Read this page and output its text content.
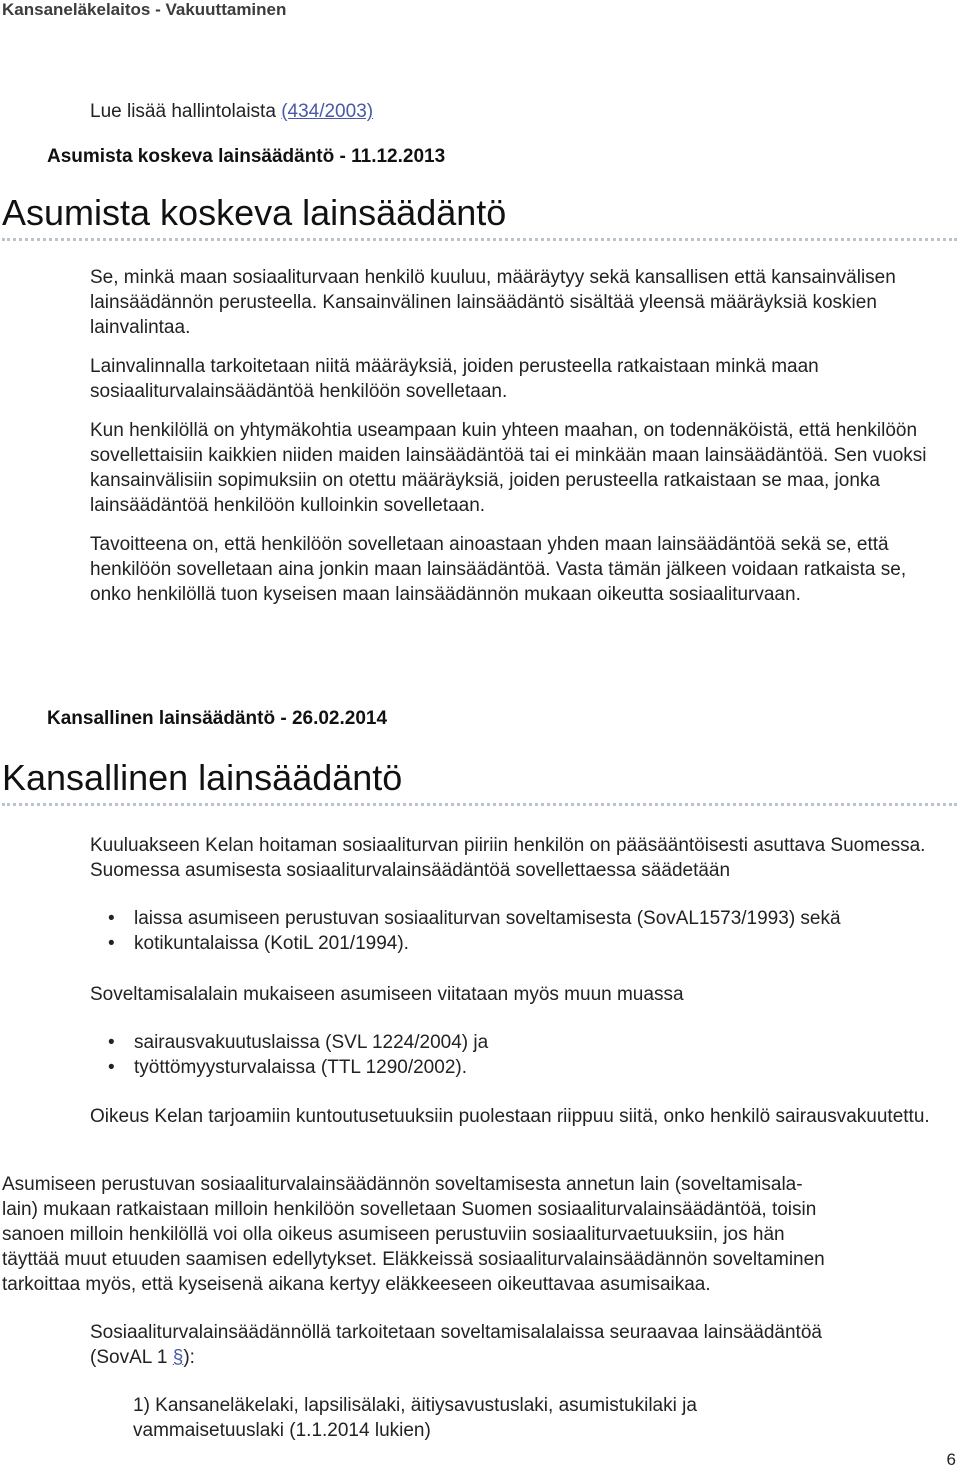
Kansaneläkelaitos - Vakuuttaminen
Lue lisää hallintolaista (434/2003)
Asumista koskeva lainsäädäntö - 11.12.2013
Asumista koskeva lainsäädäntö

Se, minkä maan sosiaaliturvaan henkilö kuuluu, määräytyy sekä kansallisen että kansainvälisen lainsäädännön perusteella. Kansainvälinen lainsäädäntö sisältää yleensä määräyksiä koskien lainvalintaa.

Lainvalinnalla tarkoitetaan niitä määräyksiä, joiden perusteella ratkaistaan minkä maan sosiaaliturvalainsäädäntöä henkilöön sovelletaan.

Kun henkilöllä on yhtymäkohtia useampaan kuin yhteen maahan, on todennäköistä, että henkilöön sovellettaisiin kaikkien niiden maiden lainsäädäntöä tai ei minkään maan lainsäädäntöä. Sen vuoksi kansainvälisiin sopimuksiin on otettu määräyksiä, joiden perusteella ratkaistaan se maa, jonka lainsäädäntöä henkilöön kulloinkin sovelletaan.

Tavoitteena on, että henkilöön sovelletaan ainoastaan yhden maan lainsäädäntöä sekä se, että henkilöön sovelletaan aina jonkin maan lainsäädäntöä. Vasta tämän jälkeen voidaan ratkaista se, onko henkilöllä tuon kyseisen maan lainsäädännön mukaan oikeutta sosiaaliturvaan.

Kansallinen lainsäädäntö - 26.02.2014
Kansallinen lainsäädäntö
Kuuluakseen Kelan hoitaman sosiaaliturvan piiriin henkilön on pääsääntöisesti asuttava Suomessa. Suomessa asumisesta sosiaaliturvalainsäädäntöä sovellettaessa säädetään
• laissa asumiseen perustuvan sosiaaliturvan soveltamisesta (SovAL1573/1993) sekä
• kotikuntalaissa (KotiL 201/1994).
Soveltamisalalain mukaiseen asumiseen viitataan myös muun muassa
• sairausvakuutuslaissa (SVL 1224/2004) ja
• työttömyysturvalaissa (TTL 1290/2002).
Oikeus Kelan tarjoamiin kuntoutusetuuksiin puolestaan riippuu siitä, onko henkilö sairausvakuutettu.
Asumiseen perustuvan sosiaaliturvalainsäädännön soveltamisesta annetun lain (soveltamisala-
lain) mukaan ratkaistaan milloin henkilöön sovelletaan Suomen sosiaaliturvalainsäädäntöä, toisin
sanoen milloin henkilöllä voi olla oikeus asumiseen perustuviin sosiaaliturvaetuuksiin, jos hän
täyttää muut etuuden saamisen edellytykset. Eläkkeissä sosiaaliturvalainsäädännön soveltaminen
tarkoittaa myös, että kyseisenä aikana kertyy eläkkeeseen oikeuttavaa asumisaikaa.
Sosiaaliturvalainsäädännöllä tarkoitetaan soveltamisalalaissa seuraavaa lainsäädäntöä
(SovAL 1 §):
1) Kansaneläkelaki, lapsilisälaki, äitiysavustuslaki, asumistukilaki ja vammaisetuuslaki (1.1.2014 lukien)
6
